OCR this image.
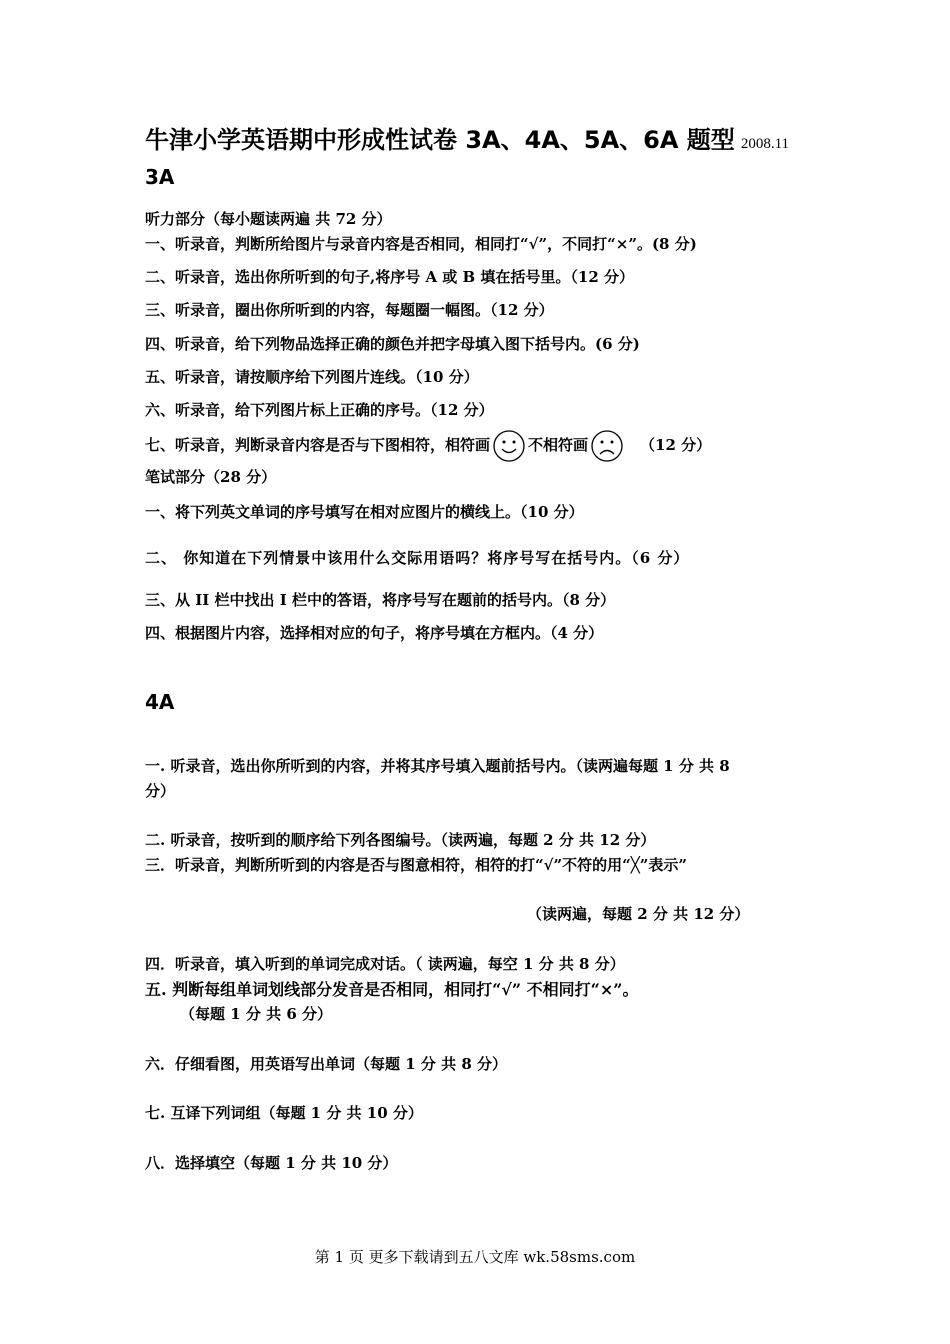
牛津小学英语期中形成性试卷 3A、4A、5A、6A 题型 2008.11
3A
听力部分（每小题读两遍 共 72 分）
一、听录音，判断所给图片与录音内容是否相同，相同打“√”，不同打“×”。(8 分)
二、听录音，选出你所听到的句子,将序号 A 或 B 填在括号里。（12 分）
三、听录音，圈出你所听到的内容，每题圈一幅图。（12 分）
四、听录音，给下列物品选择正确的颜色并把字母填入图下括号内。(6 分)
五、听录音，请按顺序给下列图片连线。（10 分）
六、听录音，给下列图片标上正确的序号。（12 分）
七、听录音，判断录音内容是否与下图相符，相符画	不相符画	（12 分）
笔试部分（28 分）
一、将下列英文单词的序号填写在相对应图片的横线上。（10 分）
二、 你知道在下列情景中该用什么交际用语吗？将序号写在括号内。（6 分）
三、从 II 栏中找出 I 栏中的答语，将序号写在题前的括号内。（8 分）
四、根据图片内容，选择相对应的句子，将序号填在方框内。（4 分）
4A
一. 听录音，选出你所听到的内容，并将其序号填入题前括号内。（读两遍每题 1 分 共 8
分）
二. 听录音，按听到的顺序给下列各图编号。（读两遍，每题 2 分 共 12 分）
三．听录音，判断所听到的内容是否与图意相符，相符的打“√”不符的用“╳”表示”
（读两遍，每题 2 分 共 12 分）
四．听录音，填入听到的单词完成对话。（ 读两遍，每空 1 分 共 8 分）
五. 判断每组单词划线部分发音是否相同，相同打“√” 不相同打“×”。
（每题 1 分 共 6 分）
六．仔细看图，用英语写出单词（每题 1 分 共 8 分）
七. 互译下列词组（每题 1 分 共 10 分）
八．选择填空（每题 1 分 共 10 分）
第 1 页 更多下载请到五八文库 wk.58sms.com
